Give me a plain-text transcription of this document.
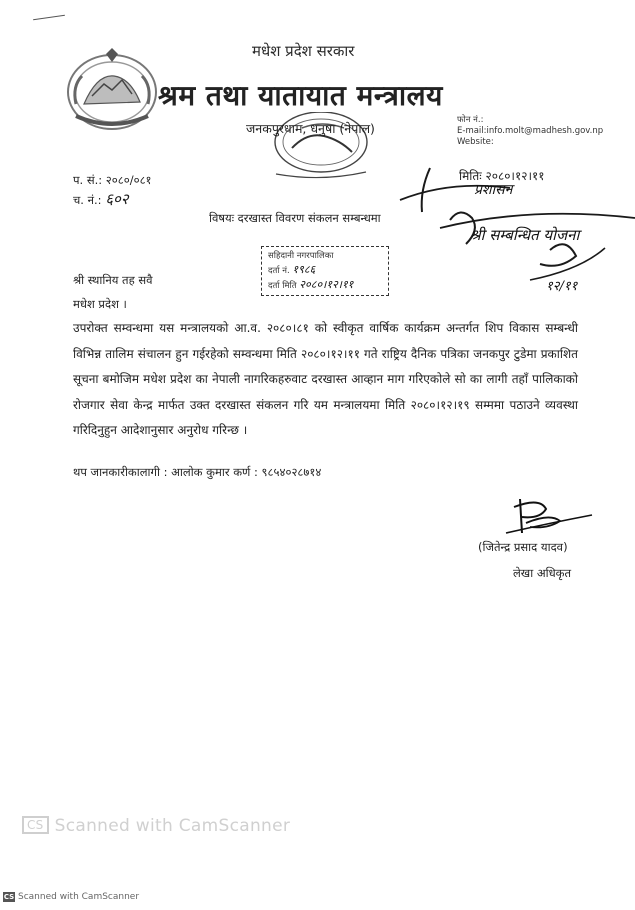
मधेश प्रदेश सरकार
श्रम तथा यातायात मन्त्रालय
जनकपुरधाम, धनुषा (नेपाल)
फोन नं.:
E-mail:info.molt@madhesh.gov.np
Website:
प. सं.: २०८०/०८१
च. नं.: ६०२
मितिः २०८०।१२।११
विषयः दरखास्त विवरण संकलन सम्बन्धमा
सहिदानी नगरपालिका
दर्ता नं. १९८६
दर्ता मिति २०८०।१२।११
श्री स्थानिय तह सवै
मधेश प्रदेश ।
उपरोक्त सम्वन्धमा यस मन्त्रालयको आ.व. २०८०।८१ को स्वीकृत वार्षिक कार्यक्रम अन्तर्गत शिप विकास सम्बन्धी विभिन्न तालिम संचालन हुन गईरहेको सम्वन्धमा मिति २०८०।१२।११ गते राष्ट्रिय दैनिक पत्रिका जनकपुर टुडेमा प्रकाशित सूचना बमोजिम मधेश प्रदेश का नेपाली नागरिकहरुवाट दरखास्त आव्हान माग गरिएकोले सो का लागी तहाँ पालिकाको रोजगार सेवा केन्द्र मार्फत उक्त दरखास्त संकलन गरि यम मन्त्रालयमा मिति २०८०।१२।१९ सम्ममा पठाउने व्यवस्था गरिदिनुहुन आदेशानुसार अनुरोध गरिन्छ ।
थप जानकारीकालागी : आलोक कुमार कर्ण : ९८५४०२८७१४
प्रशासन
श्री सम्बन्धित योजना
१२/११
(जितेन्द्र प्रसाद यादव)
लेखा अधिकृत
CS Scanned with CamScanner
CS Scanned with CamScanner
